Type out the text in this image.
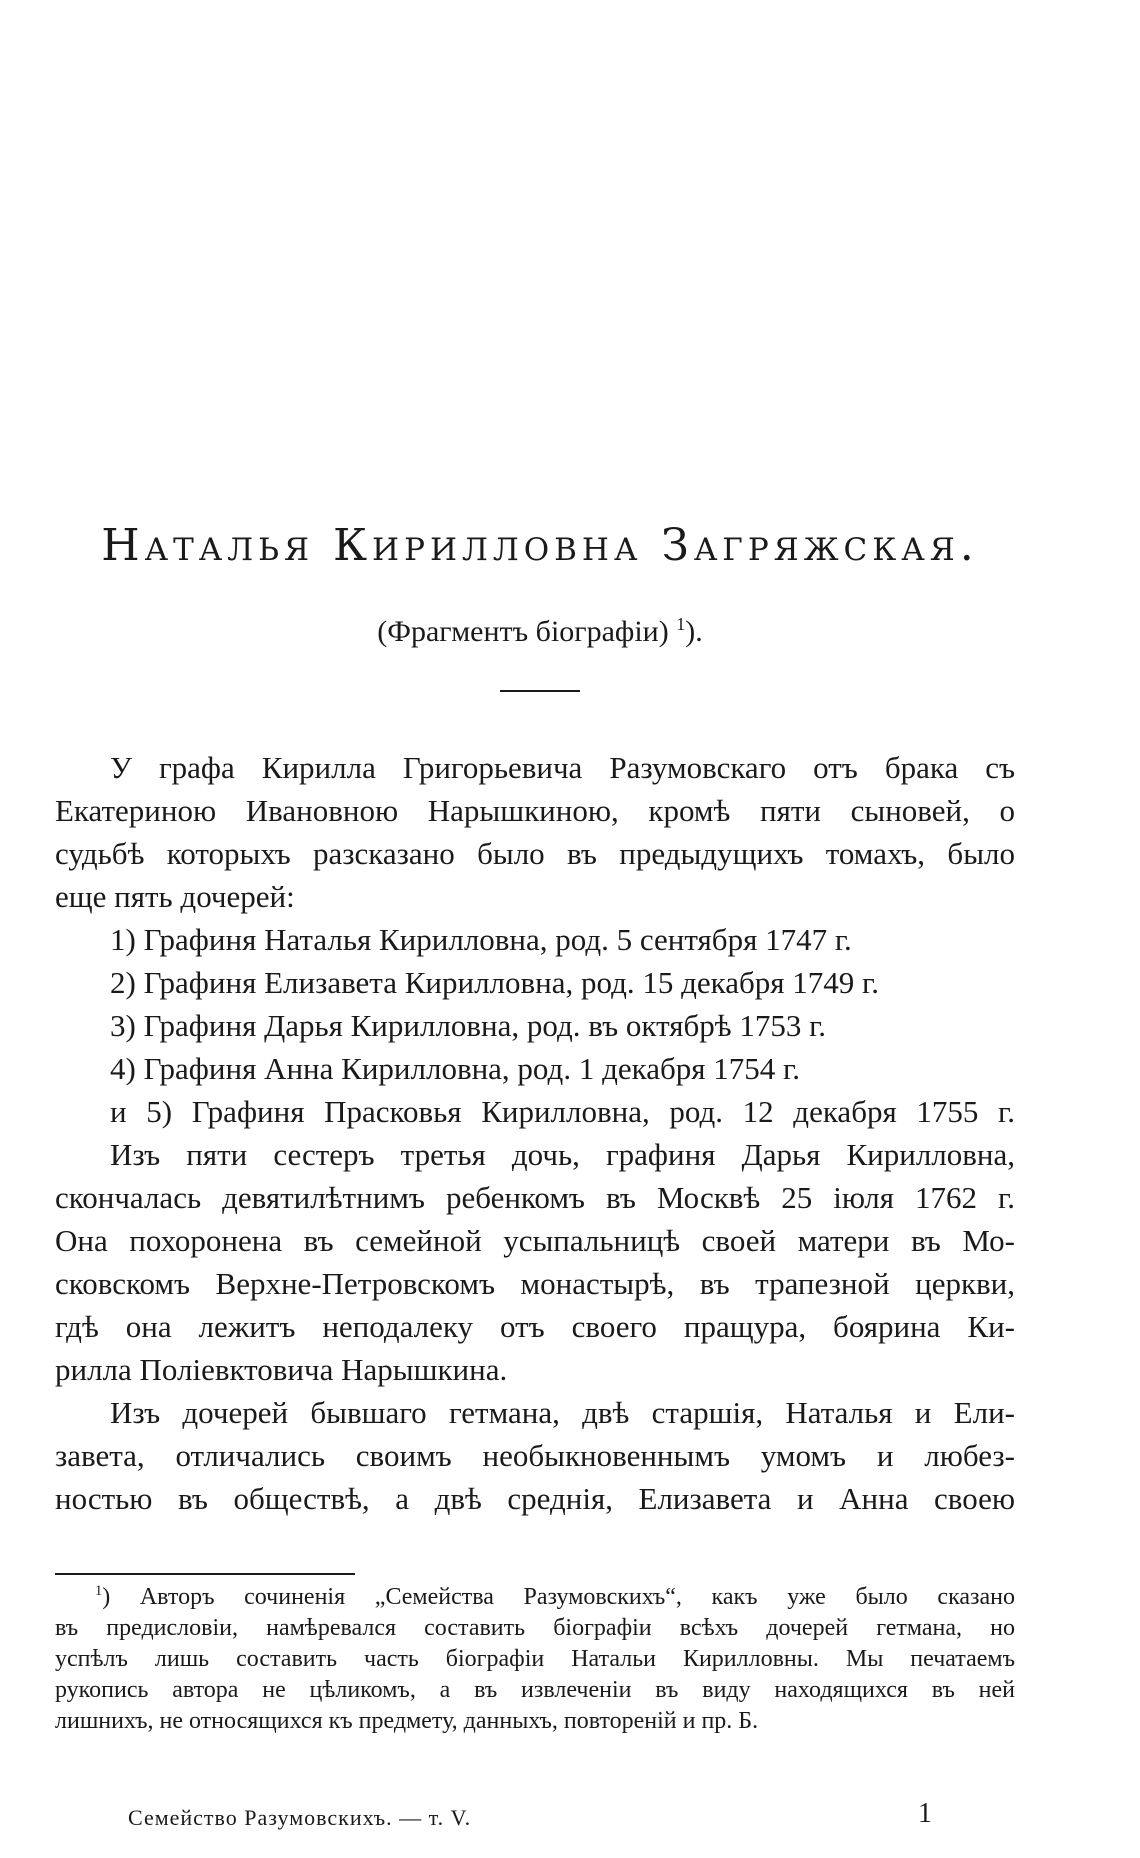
Наталья Кирилловна Загряжская.
(Фрагментъ біографіи) $^1$).
У графа Кирилла Григорьевича Разумовскаго отъ брака съ
Екатериною Ивановною Нарышкиною, кромѣ пяти сыновей, о
судьбѣ которыхъ разсказано было въ предыдущихъ томахъ, было
еще пять дочерей:
1) Графиня Наталья Кирилловна, род. 5 сентября 1747 г.
2) Графиня Елизавета Кирилловна, род. 15 декабря 1749 г.
3) Графиня Дарья Кирилловна, род. въ октябрѣ 1753 г.
4) Графиня Анна Кирилловна, род. 1 декабря 1754 г.
и 5) Графиня Прасковья Кирилловна, род. 12 декабря 1755 г.
Изъ пяти сестеръ третья дочь, графиня Дарья Кирилловна,
скончалась девятилѣтнимъ ребенкомъ въ Москвѣ 25 іюля 1762 г.
Она похоронена въ семейной усыпальницѣ своей матери въ Мо-
сковскомъ Верхне-Петровскомъ монастырѣ, въ трапезной церкви,
гдѣ она лежитъ неподалеку отъ своего пращура, боярина Ки-
рилла Поліевктовича Нарышкина.
Изъ дочерей бывшаго гетмана, двѣ старшія, Наталья и Ели-
завета, отличались своимъ необыкновеннымъ умомъ и любез-
ностью въ обществѣ, а двѣ среднія, Елизавета и Анна своею
$^1$) Авторъ сочиненія „Семейства Разумовскихъ“, какъ уже было сказано
въ предисловіи, намѣревался составить біографіи всѣхъ дочерей гетмана, но
успѣлъ лишь составить часть біографіи Натальи Кирилловны. Мы печатаемъ
рукопись автора не цѣликомъ, а въ извлеченіи въ виду находящихся въ ней
лишнихъ, не относящихся къ предмету, данныхъ, повтореній и пр. Б.
Семейство Разумовскихъ. — т. V.	1
